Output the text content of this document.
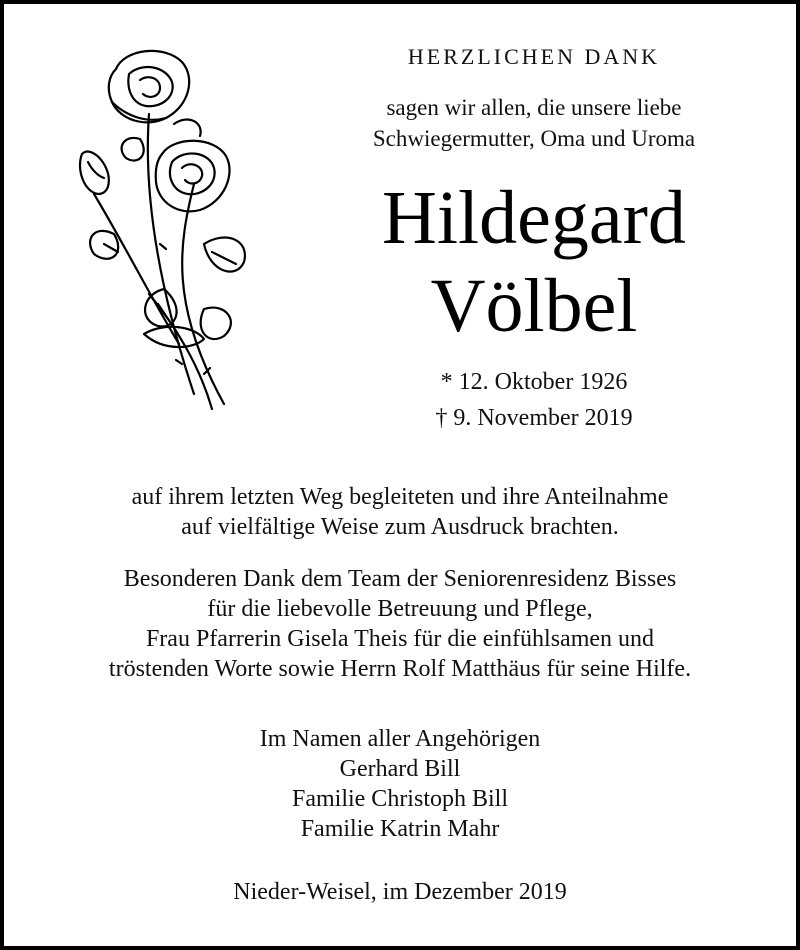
HERZLICHEN DANK
sagen wir allen, die unsere liebe
Schwiegermutter, Oma und Uroma
Hildegard
Völbel
* 12. Oktober 1926
† 9. November 2019
auf ihrem letzten Weg begleiteten und ihre Anteilnahme
auf vielfältige Weise zum Ausdruck brachten.
Besonderen Dank dem Team der Seniorenresidenz Bisses
für die liebevolle Betreuung und Pflege,
Frau Pfarrerin Gisela Theis für die einfühlsamen und
tröstenden Worte sowie Herrn Rolf Matthäus für seine Hilfe.
Im Namen aller Angehörigen
Gerhard Bill
Familie Christoph Bill
Familie Katrin Mahr
Nieder-Weisel, im Dezember 2019
